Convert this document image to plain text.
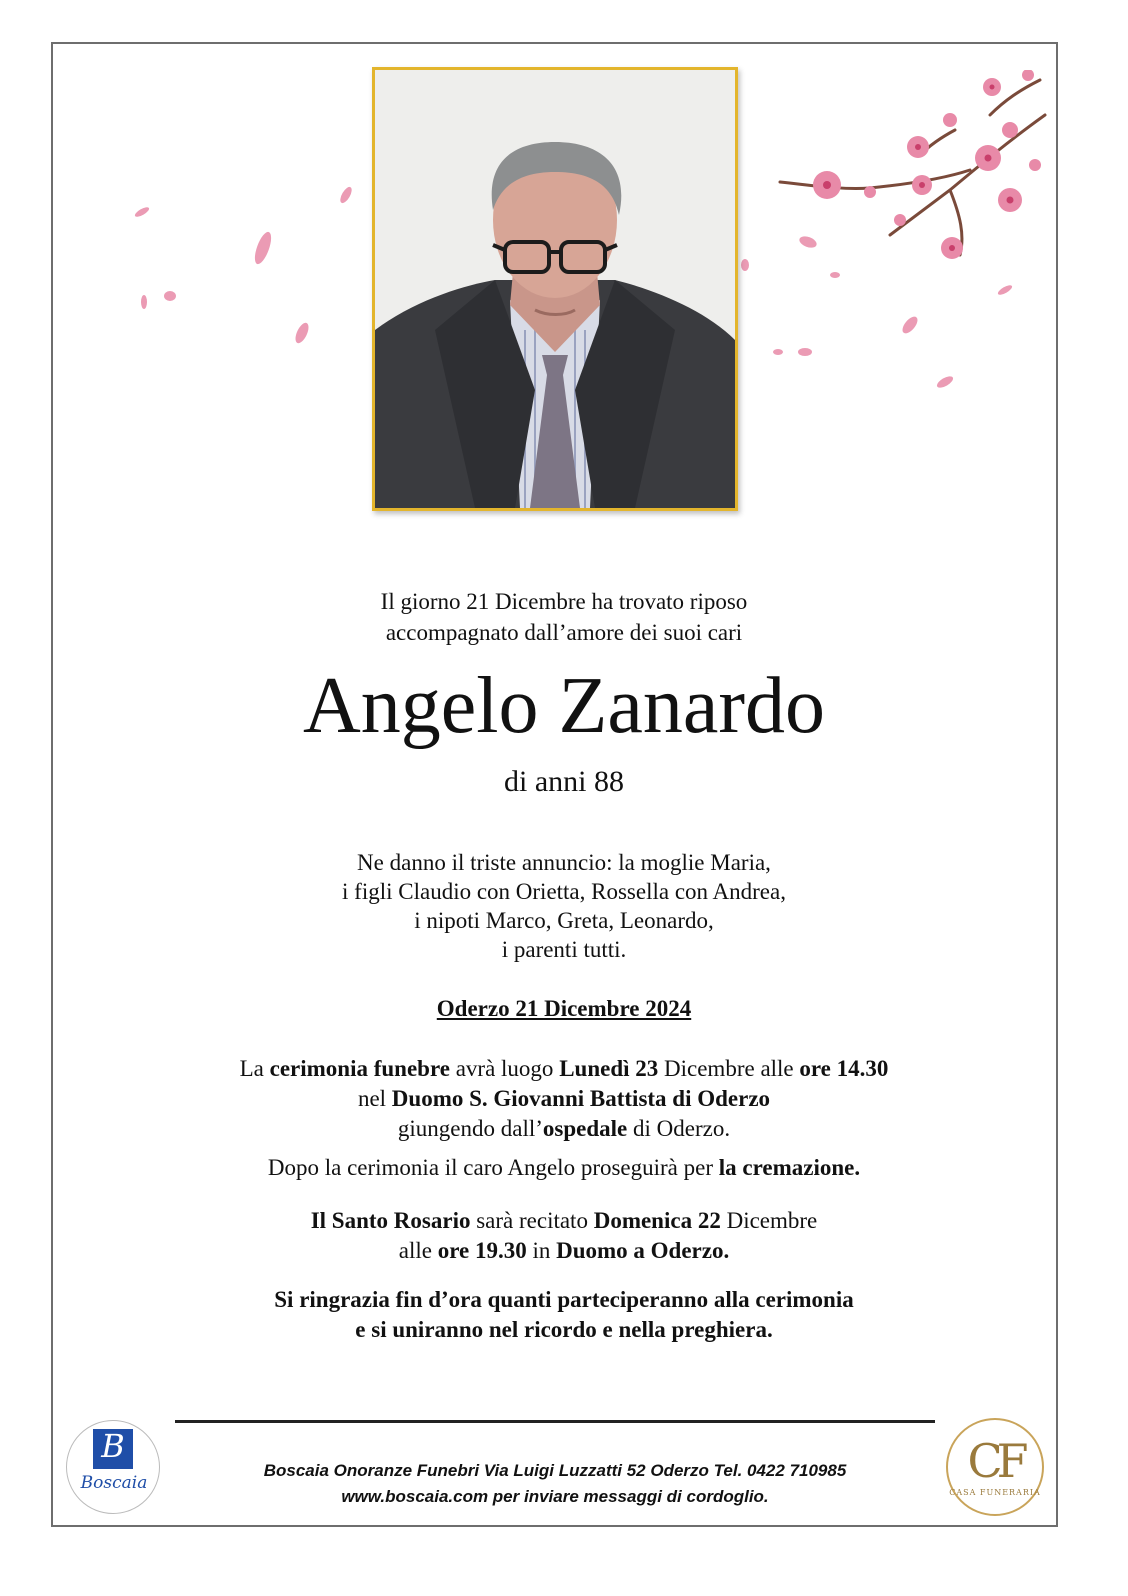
Il giorno 21 Dicembre ha trovato riposo
accompagnato dall’amore dei suoi cari
Angelo Zanardo
di anni 88
Ne danno il triste annuncio: la moglie Maria,
i figli Claudio con Orietta, Rossella con Andrea,
i nipoti Marco, Greta, Leonardo,
i parenti tutti.
Oderzo 21 Dicembre 2024
La cerimonia funebre avrà luogo Lunedì 23 Dicembre alle ore 14.30
nel Duomo S. Giovanni Battista di Oderzo
giungendo dall’ospedale di Oderzo.
Dopo la cerimonia il caro Angelo proseguirà per la cremazione.
Il Santo Rosario sarà recitato Domenica 22 Dicembre
alle ore 19.30 in Duomo a Oderzo.
Si ringrazia fin d’ora quanti parteciperanno alla cerimonia
e si uniranno nel ricordo e nella preghiera.
B
Boscaia
Boscaia Onoranze Funebri Via Luigi Luzzatti 52 Oderzo Tel. 0422 710985
www.boscaia.com per inviare messaggi di cordoglio.
CF
CASA FUNERARIA
